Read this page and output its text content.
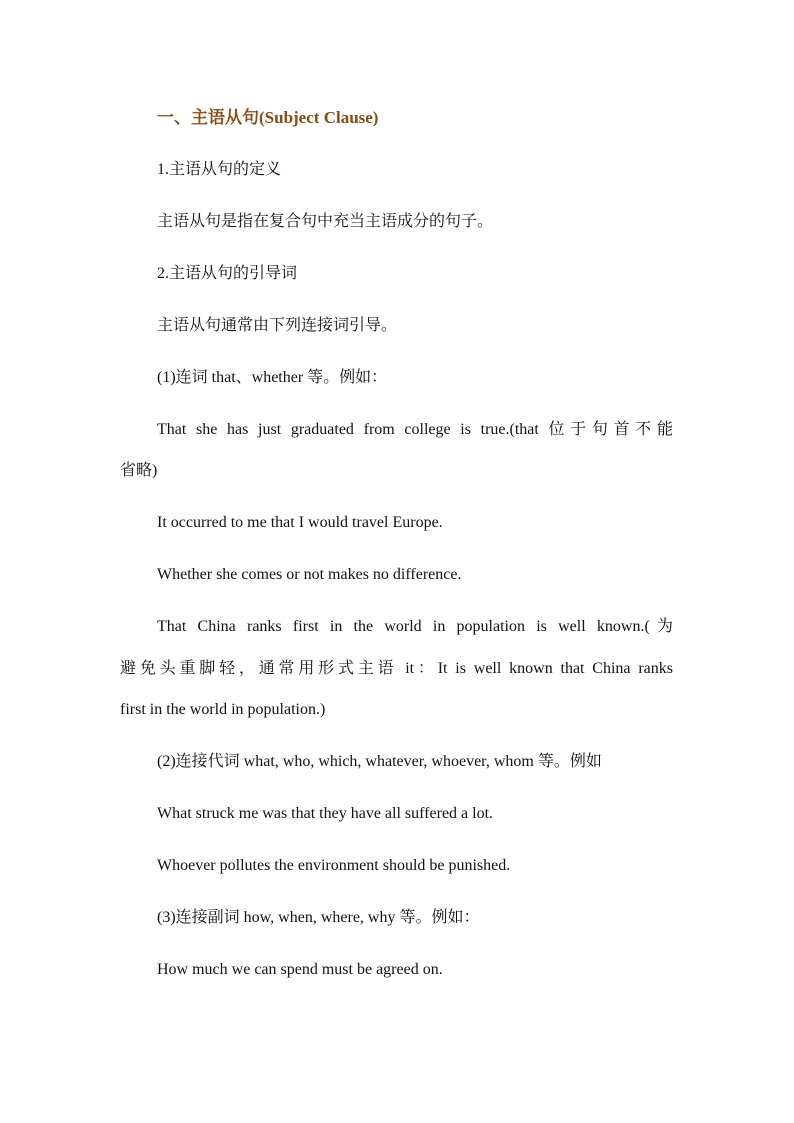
一、主语从句(Subject Clause)
1.主语从句的定义
主语从句是指在复合句中充当主语成分的句子。
2.主语从句的引导词
主语从句通常由下列连接词引导。
(1)连词 that、whether 等。例如：
That she has just graduated from college is true.(that 位于句首不能
省略)
It occurred to me that I would travel Europe.
Whether she comes or not makes no difference.
That China ranks first in the world in population is well known.(为
避免头重脚轻，通常用形式主语 it：It is well known that China ranks
first in the world in population.)
(2)连接代词 what, who, which, whatever, whoever, whom 等。例如
What struck me was that they have all suffered a lot.
Whoever pollutes the environment should be punished.
(3)连接副词 how, when, where, why 等。例如：
How much we can spend must be agreed on.
